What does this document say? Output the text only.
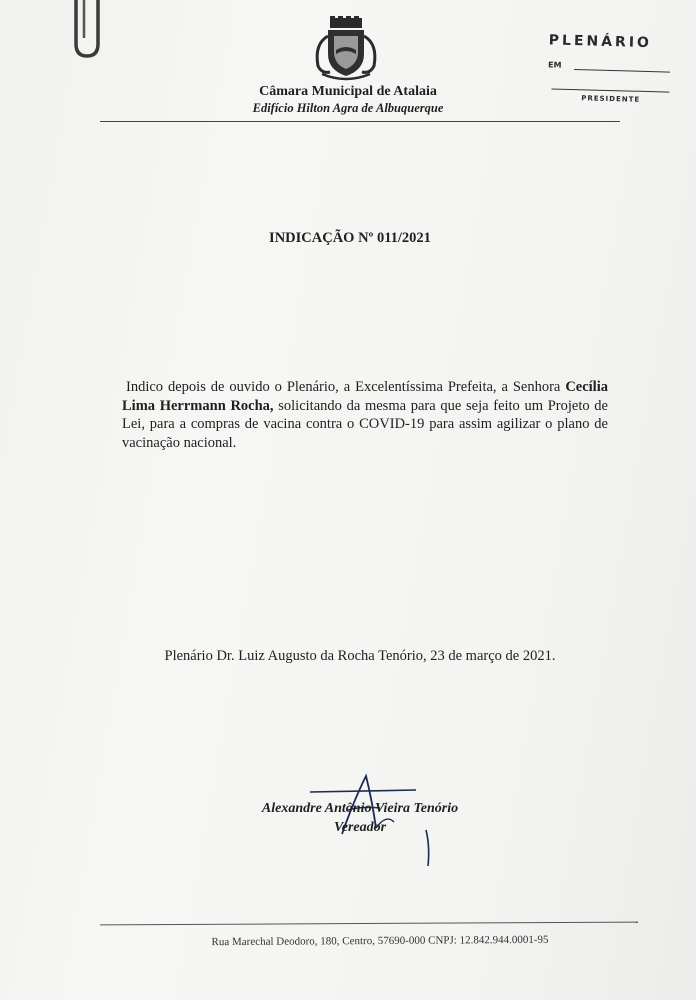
Câmara Municipal de Atalaia
Edifício Hilton Agra de Albuquerque
PLENÁRIO
EM
PRESIDENTE
INDICAÇÃO Nº 011/2021
Indico depois de ouvido o Plenário, a Excelentíssima Prefeita, a Senhora Cecília Lima Herrmann Rocha, solicitando da mesma para que seja feito um Projeto de Lei, para a compras de vacina contra o COVID-19 para assim agilizar o plano de vacinação nacional.
Plenário Dr. Luiz Augusto da Rocha Tenório, 23 de março de 2021.
Alexandre Antônio Vieira Tenório
Vereador
Rua Marechal Deodoro, 180, Centro, 57690-000 CNPJ: 12.842.944.0001-95
